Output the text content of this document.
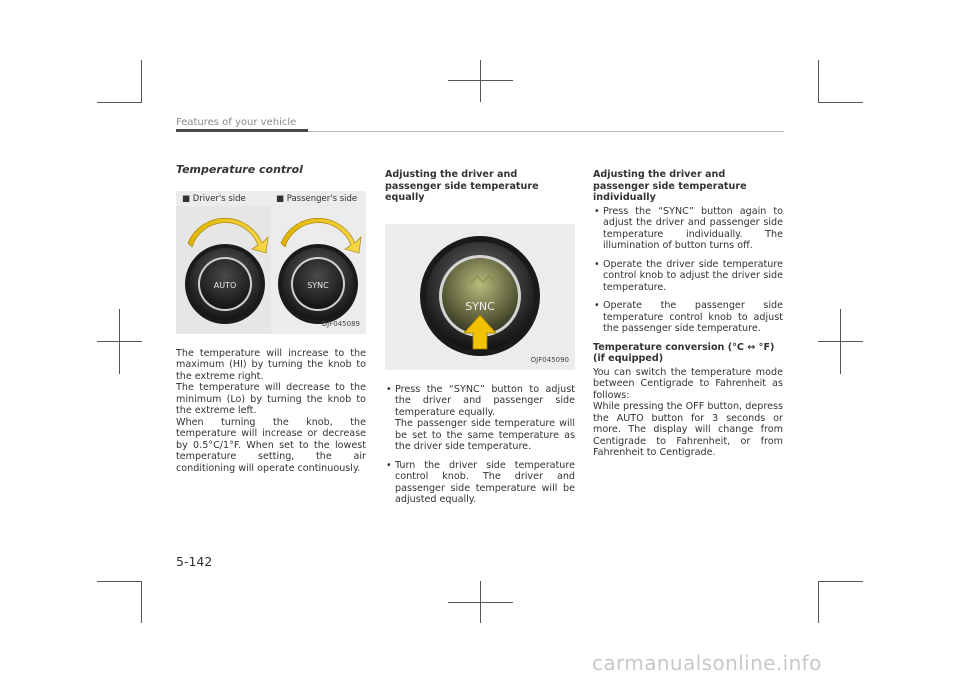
Features of your vehicle
Temperature control
■ Driver's side	■ Passenger's side
AUTO	SYNC
OJF045089

The temperature will increase to the maximum (HI) by turning the knob to the extreme right.

The temperature will decrease to the minimum (Lo) by turning the knob to the extreme left.

When turning the knob, the temperature will increase or decrease by 0.5°C/1°F. When set to the lowest temperature setting, the air conditioning will operate continuously.

Adjusting the driver and passenger side temperature equally
SYNC
OJF045090
• Press the “SYNC” button to adjust the driver and passenger side temperature equally.
The passenger side temperature will be set to the same temperature as the driver side temperature.
• Turn the driver side temperature control knob. The driver and passenger side temperature will be adjusted equally.
Adjusting the driver and passenger side temperature individually
• Press the “SYNC” button again to adjust the driver and passenger side temperature individually. The illumination of button turns off.
• Operate the driver side temperature control knob to adjust the driver side temperature.
• Operate the passenger side temperature control knob to adjust the passenger side temperature.
Temperature conversion (°C ↔ °F) (if equipped)

You can switch the temperature mode between Centigrade to Fahrenheit as follows:

While pressing the OFF button, depress the AUTO button for 3 seconds or more. The display will change from Centigrade to Fahrenheit, or from Fahrenheit to Centigrade.

5-142
carmanualsonline.info
